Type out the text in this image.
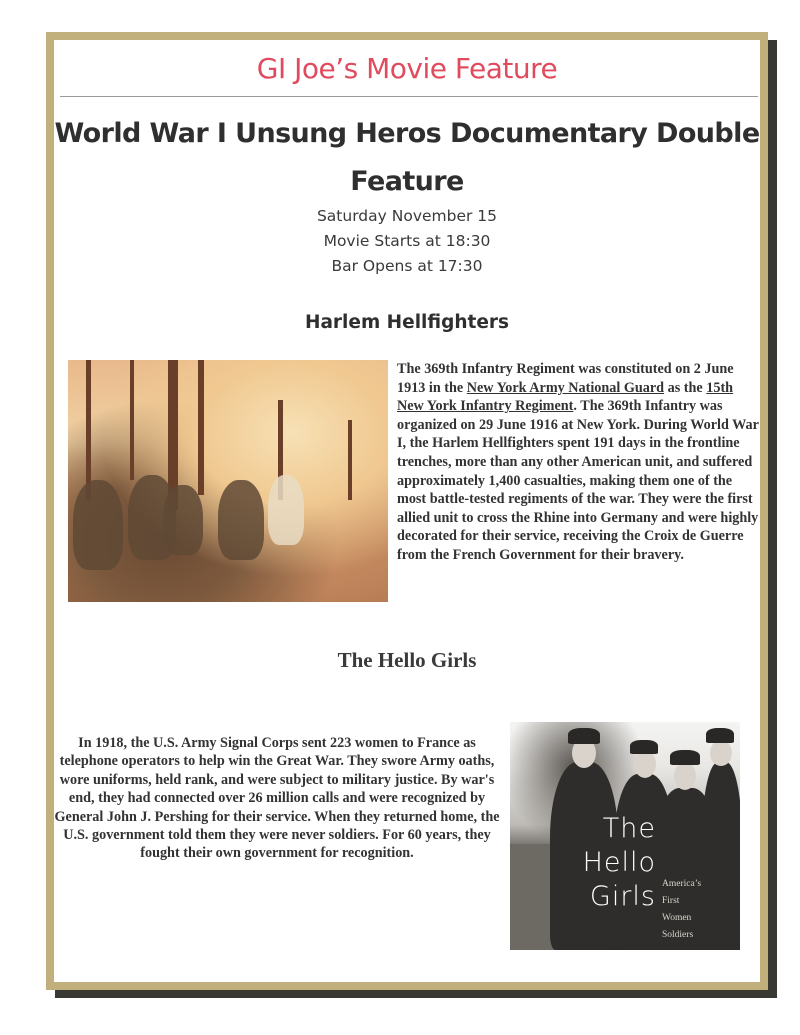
GI Joe’s Movie Feature
World War I Unsung Heros Documentary Double
Feature
Saturday November 15
Movie Starts at 18:30
Bar Opens at 17:30
Harlem Hellfighters
The 369th Infantry Regiment was constituted on 2 June 1913 in the New York Army National Guard as the 15th New York Infantry Regiment. The 369th Infantry was organized on 29 June 1916 at New York. During World War I, the Harlem Hellfighters spent 191 days in the frontline trenches, more than any other American unit, and suffered approximately 1,400 casualties, making them one of the most battle-tested regiments of the war. They were the first allied unit to cross the Rhine into Germany and were highly decorated for their service, receiving the Croix de Guerre from the French Government for their bravery.
The Hello Girls
In 1918, the U.S. Army Signal Corps sent 223 women to France as telephone operators to help win the Great War. They swore Army oaths, wore uniforms, held rank, and were subject to military justice. By war's end, they had connected over 26 million calls and were recognized by General John J. Pershing for their service. When they returned home, the U.S. government told them they were never soldiers. For 60 years, they fought their own government for recognition.
The
Hello
Girls America’s
First
Women
Soldiers
